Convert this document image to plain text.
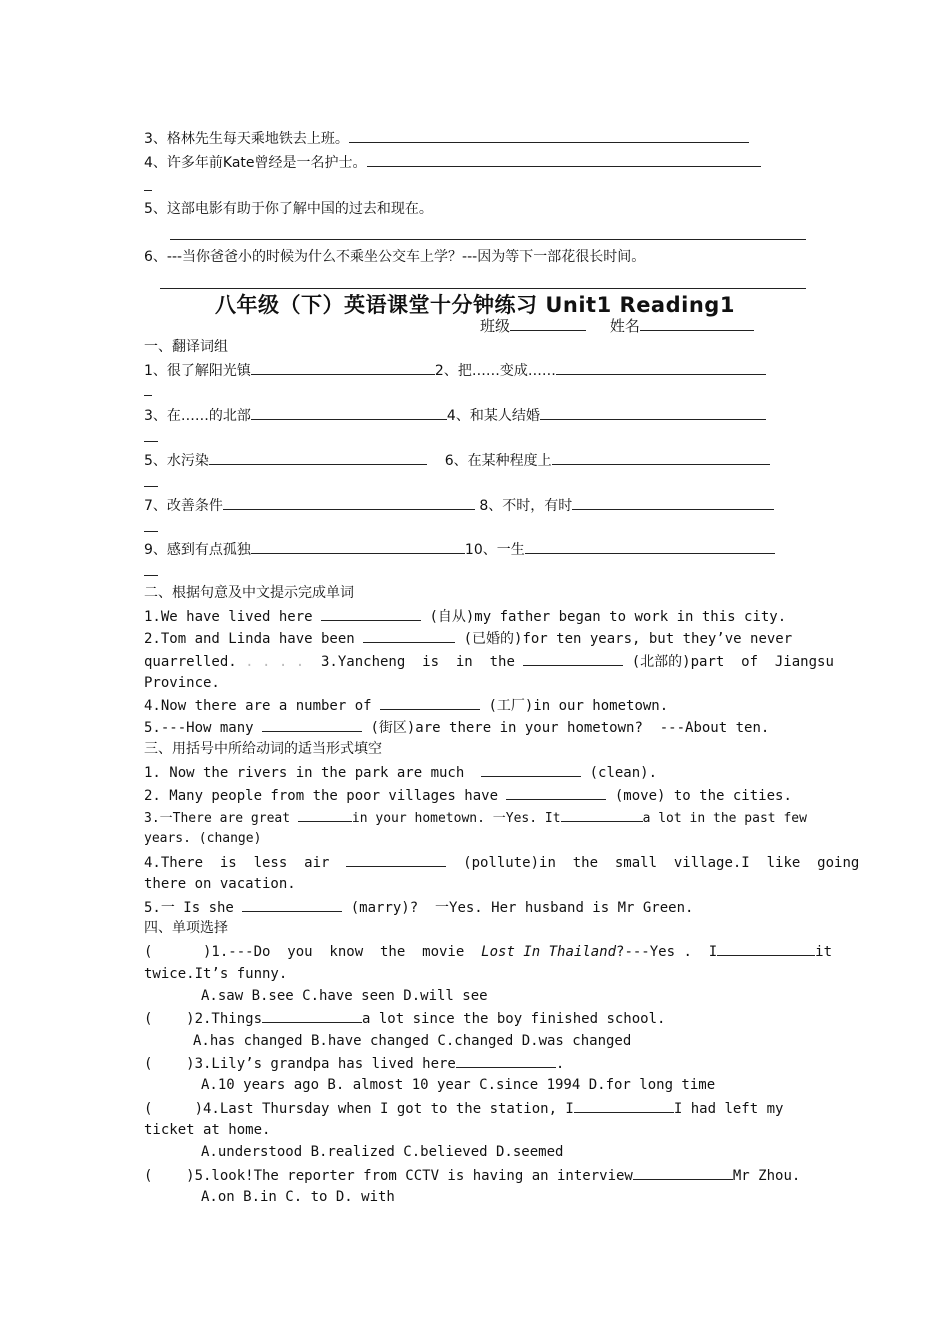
3、格林先生每天乘地铁去上班。
4、许多年前Kate曾经是一名护士。
5、这部电影有助于你了解中国的过去和现在。
6、---当你爸爸小的时候为什么不乘坐公交车上学？---因为等下一部花很长时间。
八年级（下）英语课堂十分钟练习 Unit1 Reading1
班级	姓名
一、翻译词组
1、很了解阳光镇	2、把……变成……
3、在……的北部	4、和某人结婚
5、水污染	6、在某种程度上
7、改善条件	8、不时，有时
9、感到有点孤独	10、一生
二、根据句意及中文提示完成单词
1.We have lived here	(自从)my father began to work in this city.
2.Tom and Linda have been	(已婚的)for ten years, but they’ve never
quarrelled. . . . .  3.Yancheng  is  in  the	(北部的)part  of  Jiangsu
Province.
4.Now there are a number of	(工厂)in our hometown.
5.---How many	(街区)are there in your hometown?  ---About ten.
三、用括号中所给动词的适当形式填空
1. Now the rivers in the park are much	(clean).
2. Many people from the poor villages have	(move) to the cities.
3.一There are great	in your hometown. 一Yes. It	a lot in the past few
years. (change)
4.There  is  less  air	(pollute)in  the  small  village.I  like  going
there on vacation.
5.一 Is she	(marry)?  一Yes. Her husband is Mr Green.
四、单项选择
(      )1.---Do  you  know  the  movie  Lost In Thailand?---Yes .  I	it
twice.It’s funny.
A.saw B.see C.have seen D.will see
(    )2.Things	a lot since the boy finished school.
A.has changed B.have changed C.changed D.was changed
(    )3.Lily’s grandpa has lived here	.
A.10 years ago B. almost 10 year C.since 1994 D.for long time
(     )4.Last Thursday when I got to the station, I	I had left my
ticket at home.
A.understood B.realized C.believed D.seemed
(    )5.look!The reporter from CCTV is having an interview	Mr Zhou.
A.on B.in C. to D. with
